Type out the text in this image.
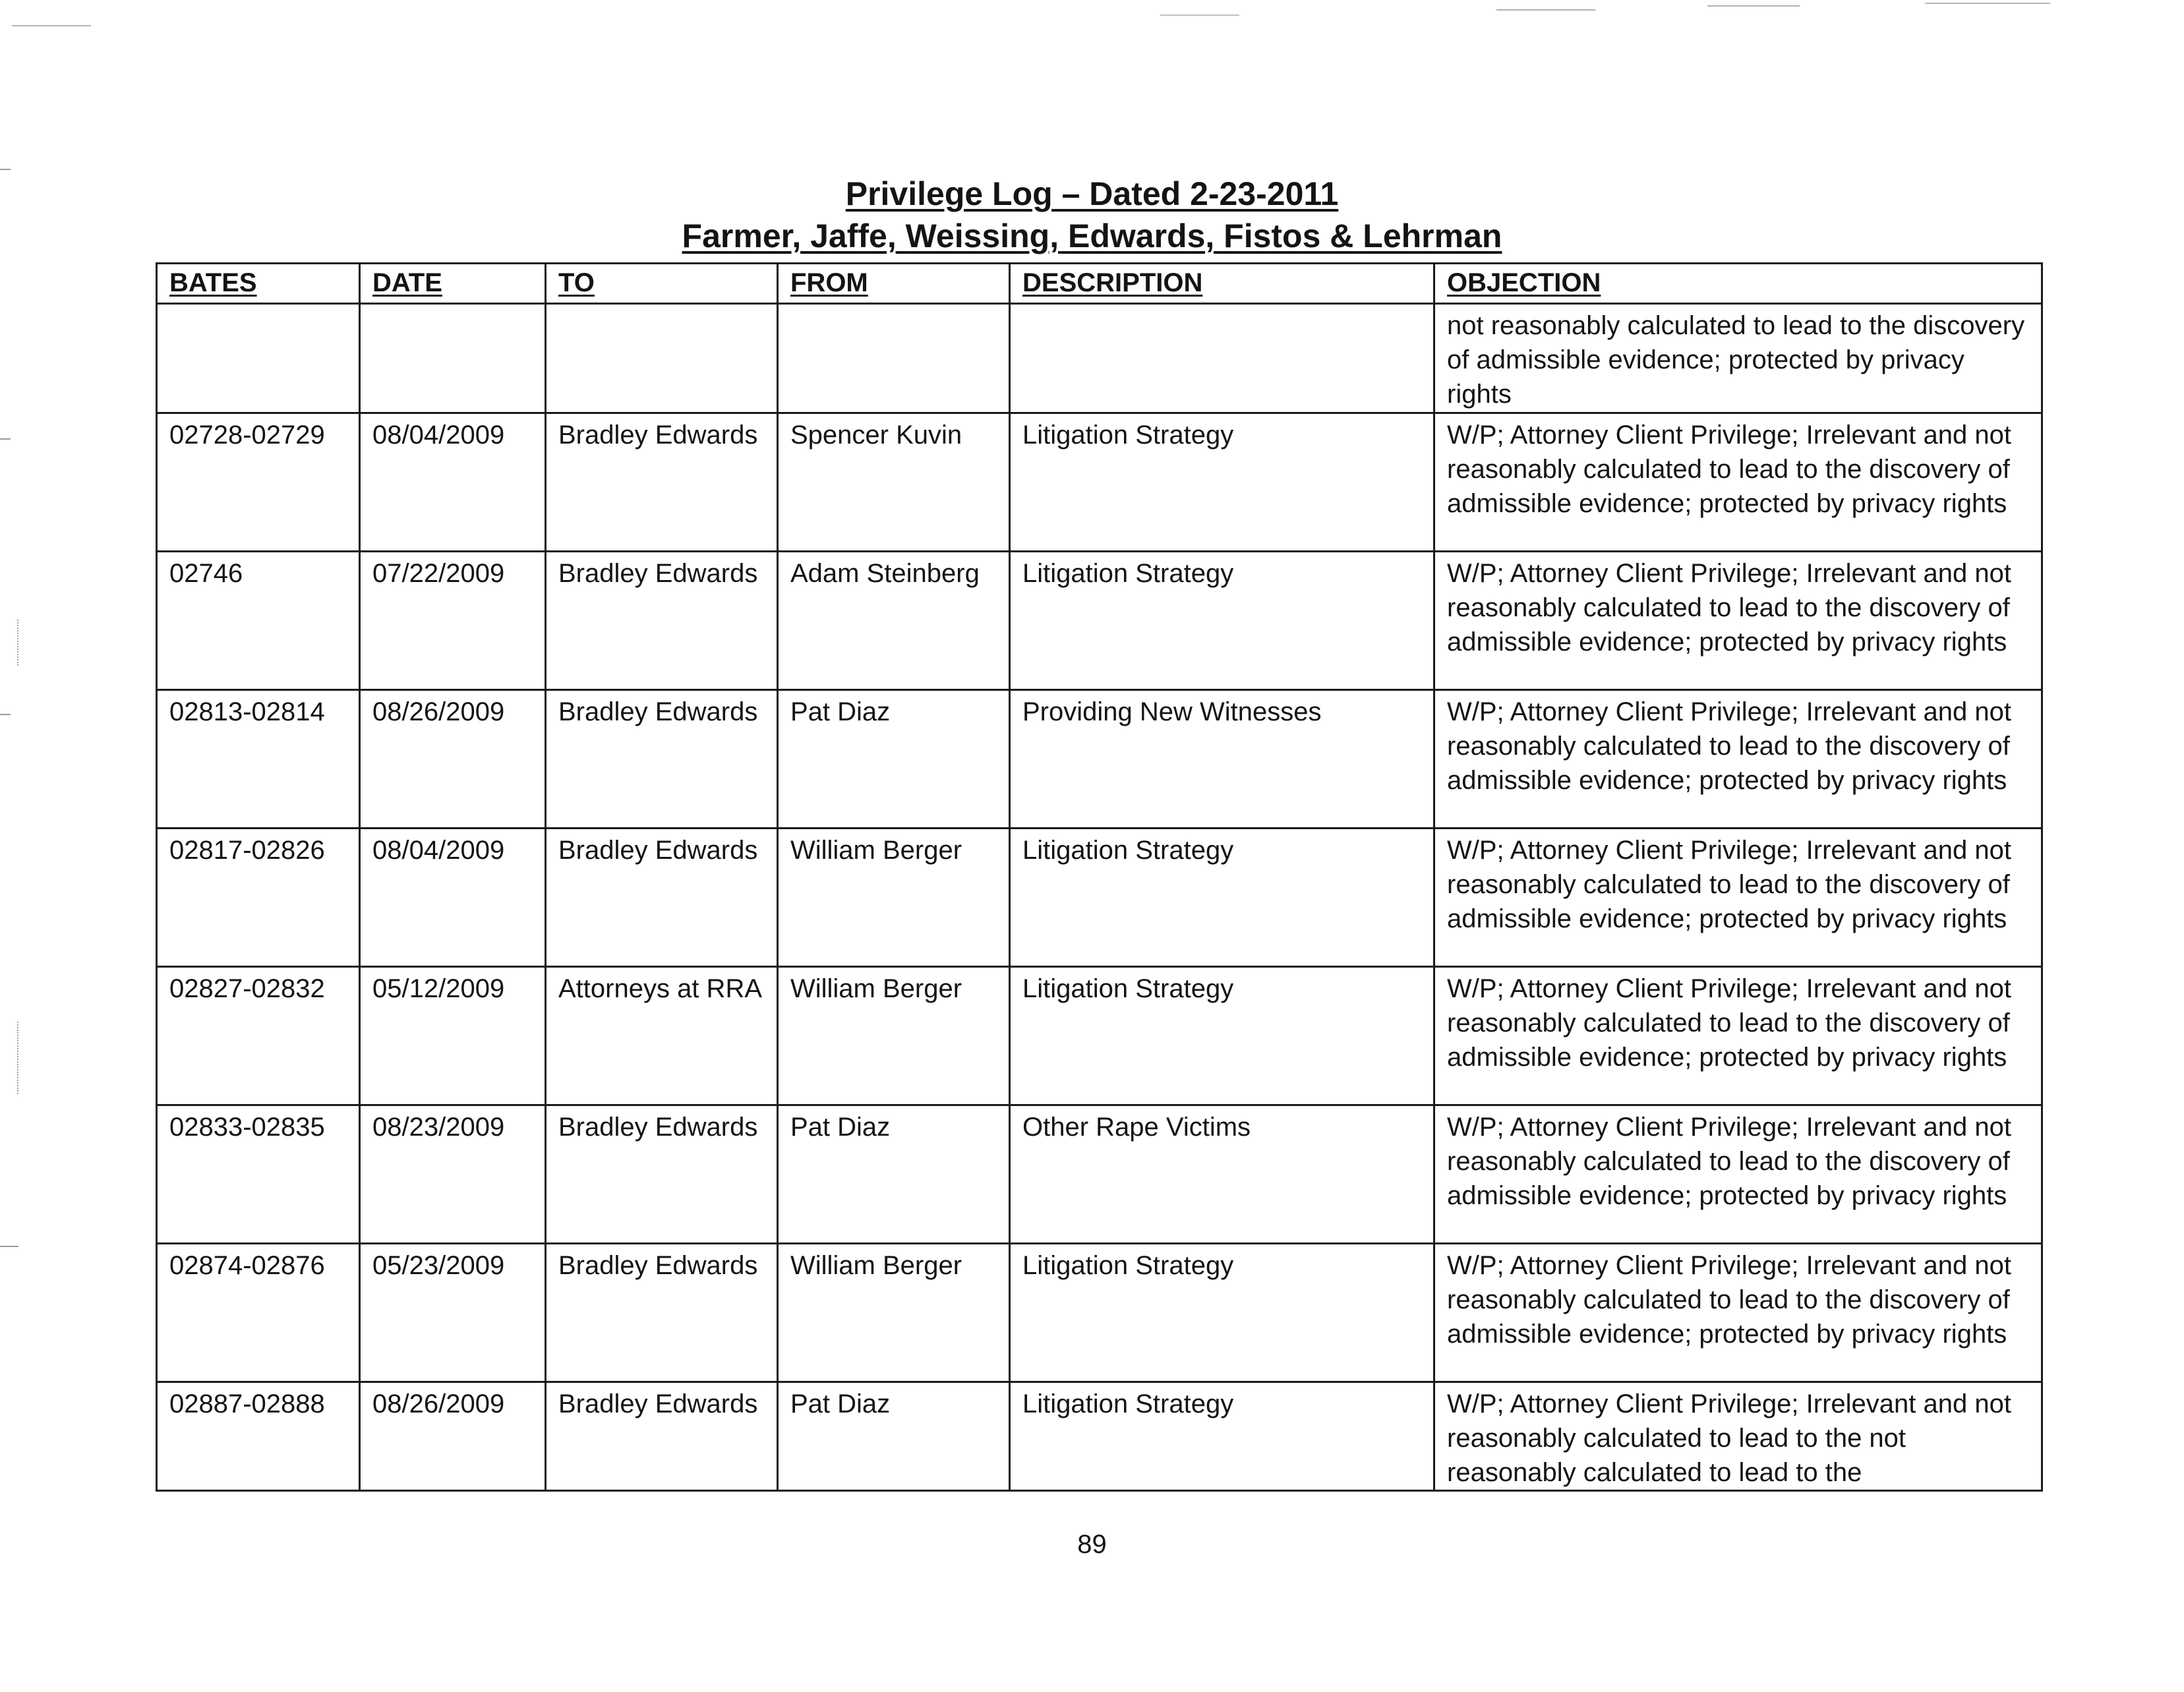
Privilege Log – Dated 2-23-2011
Farmer, Jaffe, Weissing, Edwards, Fistos & Lehrman
BATES	DATE	TO	FROM	DESCRIPTION	OBJECTION
					not reasonably calculated to lead to the discovery of admissible evidence; protected by privacy rights
02728-02729	08/04/2009	Bradley Edwards	Spencer Kuvin	Litigation Strategy	W/P; Attorney Client Privilege; Irrelevant and not reasonably calculated to lead to the discovery of admissible evidence; protected by privacy rights
02746	07/22/2009	Bradley Edwards	Adam Steinberg	Litigation Strategy	W/P; Attorney Client Privilege; Irrelevant and not reasonably calculated to lead to the discovery of admissible evidence; protected by privacy rights
02813-02814	08/26/2009	Bradley Edwards	Pat Diaz	Providing New Witnesses	W/P; Attorney Client Privilege; Irrelevant and not reasonably calculated to lead to the discovery of admissible evidence; protected by privacy rights
02817-02826	08/04/2009	Bradley Edwards	William Berger	Litigation Strategy	W/P; Attorney Client Privilege; Irrelevant and not reasonably calculated to lead to the discovery of admissible evidence; protected by privacy rights
02827-02832	05/12/2009	Attorneys at RRA	William Berger	Litigation Strategy	W/P; Attorney Client Privilege; Irrelevant and not reasonably calculated to lead to the discovery of admissible evidence; protected by privacy rights
02833-02835	08/23/2009	Bradley Edwards	Pat Diaz	Other Rape Victims	W/P; Attorney Client Privilege; Irrelevant and not reasonably calculated to lead to the discovery of admissible evidence; protected by privacy rights
02874-02876	05/23/2009	Bradley Edwards	William Berger	Litigation Strategy	W/P; Attorney Client Privilege; Irrelevant and not reasonably calculated to lead to the discovery of admissible evidence; protected by privacy rights
02887-02888	08/26/2009	Bradley Edwards	Pat Diaz	Litigation Strategy	W/P; Attorney Client Privilege; Irrelevant and not reasonably calculated to lead to the not reasonably calculated to lead to the
89
